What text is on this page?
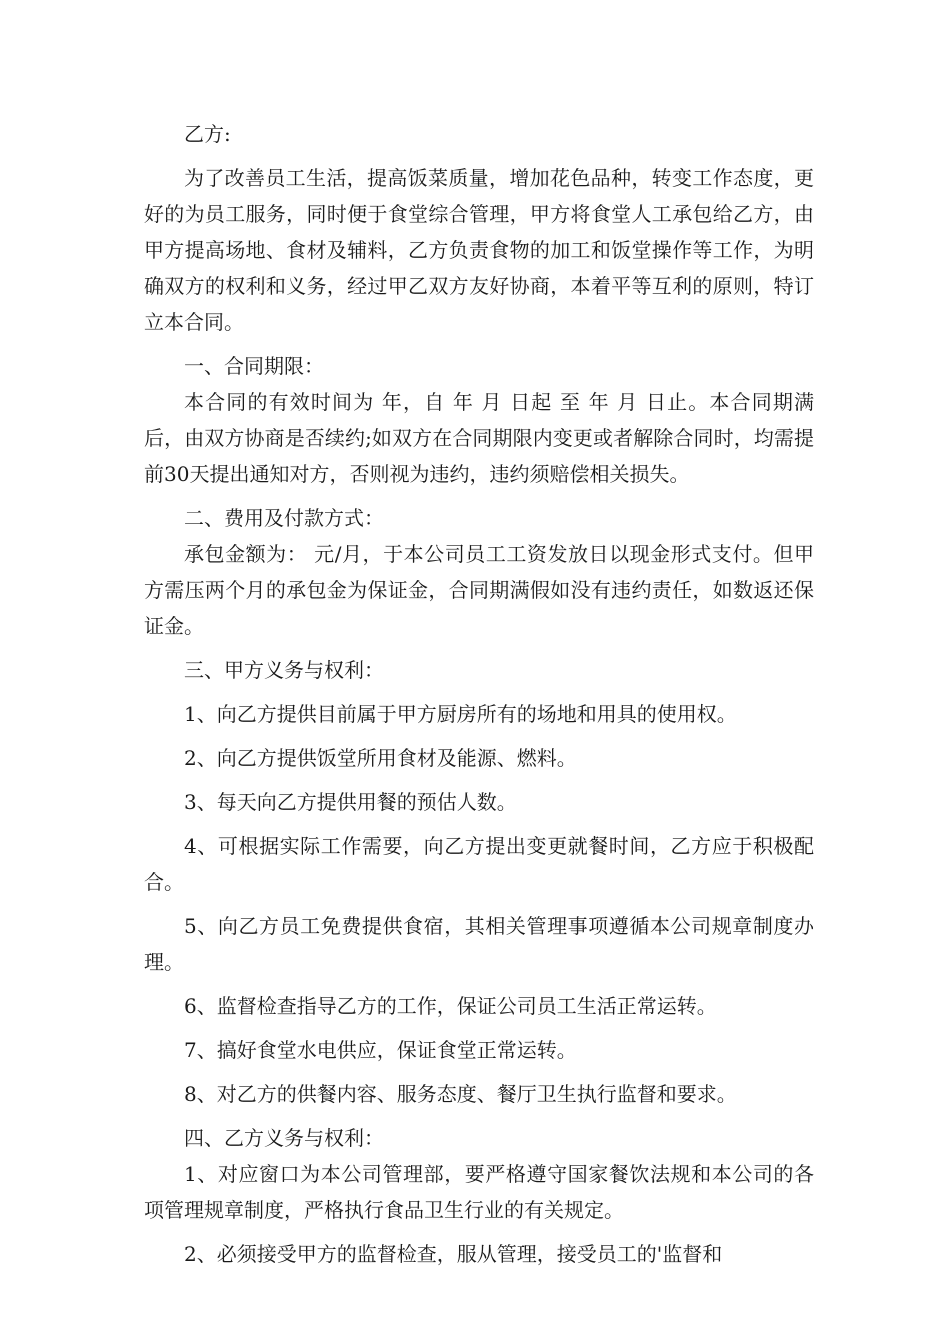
乙方:

为了改善员工生活，提高饭菜质量，增加花色品种，转变工作态度，更好的为员工服务，同时便于食堂综合管理，甲方将食堂人工承包给乙方，由甲方提高场地、食材及辅料，乙方负责食物的加工和饭堂操作等工作，为明确双方的权利和义务，经过甲乙双方友好协商，本着平等互利的原则，特订立本合同。

一、合同期限：

本合同的有效时间为 年，自 年 月 日起 至 年 月 日止。本合同期满后，由双方协商是否续约;如双方在合同期限内变更或者解除合同时，均需提前30天提出通知对方，否则视为违约，违约须赔偿相关损失。

二、费用及付款方式：

承包金额为： 元/月，于本公司员工工资发放日以现金形式支付。但甲方需压两个月的承包金为保证金，合同期满假如没有违约责任，如数返还保证金。

三、甲方义务与权利：

1、向乙方提供目前属于甲方厨房所有的场地和用具的使用权。

2、向乙方提供饭堂所用食材及能源、燃料。

3、每天向乙方提供用餐的预估人数。

4、可根据实际工作需要，向乙方提出变更就餐时间，乙方应于积极配合。

5、向乙方员工免费提供食宿，其相关管理事项遵循本公司规章制度办理。

6、监督检查指导乙方的工作，保证公司员工生活正常运转。

7、搞好食堂水电供应，保证食堂正常运转。

8、对乙方的供餐内容、服务态度、餐厅卫生执行监督和要求。

四、乙方义务与权利：

1、对应窗口为本公司管理部，要严格遵守国家餐饮法规和本公司的各项管理规章制度，严格执行食品卫生行业的有关规定。

2、必须接受甲方的监督检查，服从管理，接受员工的'监督和
